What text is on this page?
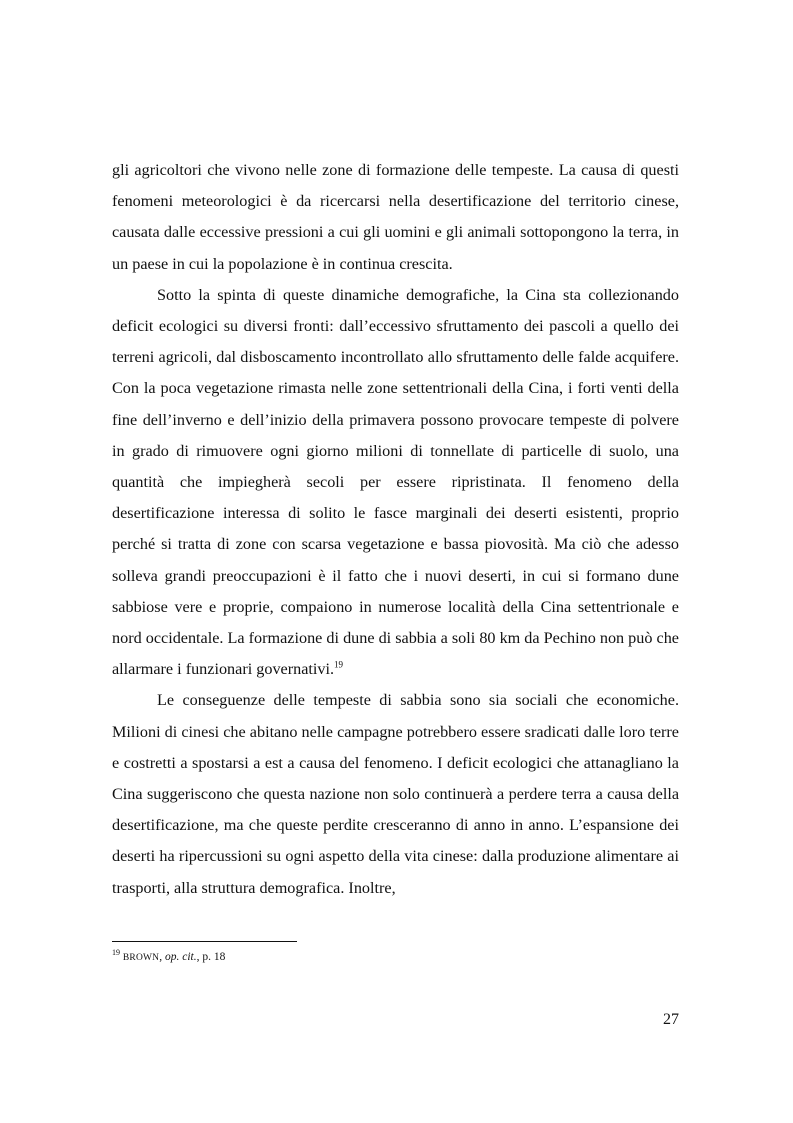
gli agricoltori che vivono nelle zone di formazione delle tempeste. La causa di questi fenomeni meteorologici è da ricercarsi nella desertificazione del territorio cinese, causata dalle eccessive pressioni a cui gli uomini e gli animali sottopongono la terra, in un paese in cui la popolazione è in continua crescita.

Sotto la spinta di queste dinamiche demografiche, la Cina sta collezionando deficit ecologici su diversi fronti: dall’eccessivo sfruttamento dei pascoli a quello dei terreni agricoli, dal disboscamento incontrollato allo sfruttamento delle falde acquifere. Con la poca vegetazione rimasta nelle zone settentrionali della Cina, i forti venti della fine dell’inverno e dell’inizio della primavera possono provocare tempeste di polvere in grado di rimuovere ogni giorno milioni di tonnellate di particelle di suolo, una quantità che impiegherà secoli per essere ripristinata. Il fenomeno della desertificazione interessa di solito le fasce marginali dei deserti esistenti, proprio perché si tratta di zone con scarsa vegetazione e bassa piovosità. Ma ciò che adesso solleva grandi preoccupazioni è il fatto che i nuovi deserti, in cui si formano dune sabbiose vere e proprie, compaiono in numerose località della Cina settentrionale e nord occidentale. La formazione di dune di sabbia a soli 80 km da Pechino non può che allarmare i funzionari governativi.$^{19}$

Le conseguenze delle tempeste di sabbia sono sia sociali che economiche. Milioni di cinesi che abitano nelle campagne potrebbero essere sradicati dalle loro terre e costretti a spostarsi a est a causa del fenomeno. I deficit ecologici che attanagliano la Cina suggeriscono che questa nazione non solo continuerà a perdere terra a causa della desertificazione, ma che queste perdite cresceranno di anno in anno. L’espansione dei deserti ha ripercussioni su ogni aspetto della vita cinese: dalla produzione alimentare ai trasporti, alla struttura demografica. Inoltre,

$^{19}$ BROWN, op. cit., p. 18
27
